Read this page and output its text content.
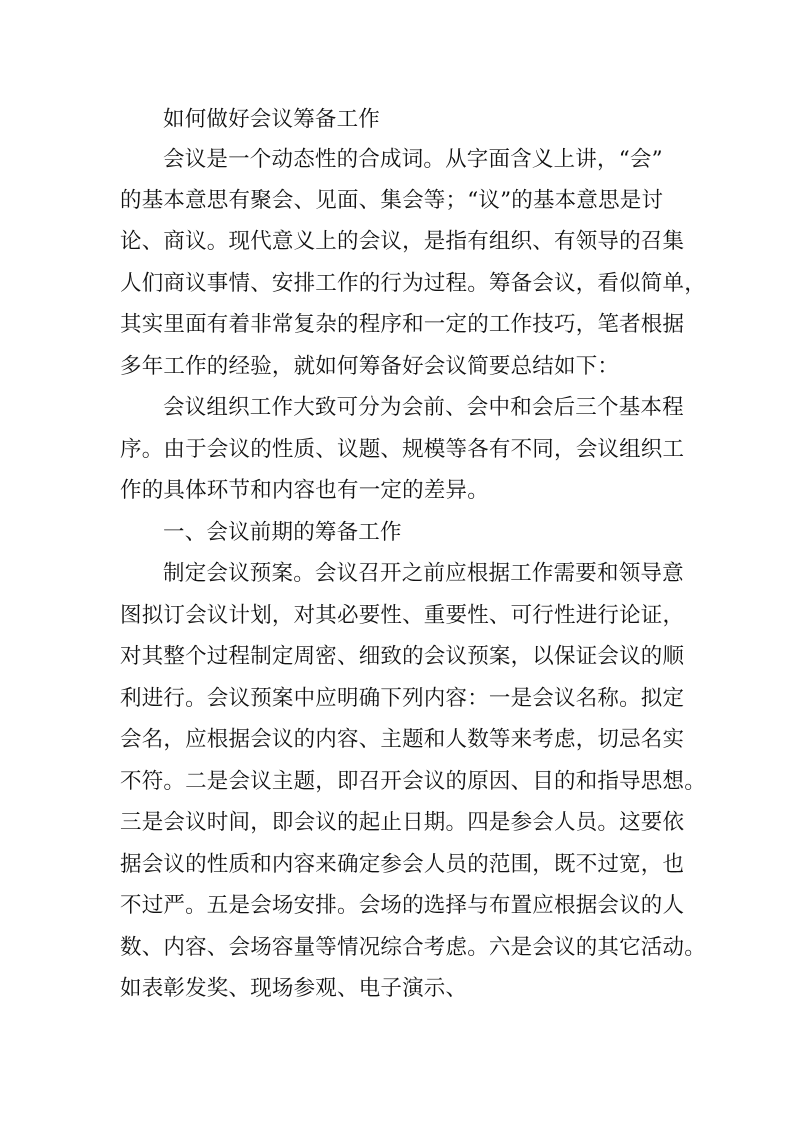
如何做好会议筹备工作
会议是一个动态性的合成词。从字面含义上讲，“会”
的基本意思有聚会、见面、集会等；“议”的基本意思是讨
论、商议。现代意义上的会议，是指有组织、有领导的召集
人们商议事情、安排工作的行为过程。筹备会议，看似简单，
其实里面有着非常复杂的程序和一定的工作技巧，笔者根据
多年工作的经验，就如何筹备好会议简要总结如下：
会议组织工作大致可分为会前、会中和会后三个基本程
序。由于会议的性质、议题、规模等各有不同，会议组织工
作的具体环节和内容也有一定的差异。
一、会议前期的筹备工作
制定会议预案。会议召开之前应根据工作需要和领导意
图拟订会议计划，对其必要性、重要性、可行性进行论证，
对其整个过程制定周密、细致的会议预案，以保证会议的顺
利进行。会议预案中应明确下列内容：一是会议名称。拟定
会名，应根据会议的内容、主题和人数等来考虑，切忌名实
不符。二是会议主题，即召开会议的原因、目的和指导思想。
三是会议时间，即会议的起止日期。四是参会人员。这要依
据会议的性质和内容来确定参会人员的范围，既不过宽，也
不过严。五是会场安排。会场的选择与布置应根据会议的人
数、内容、会场容量等情况综合考虑。六是会议的其它活动。
如表彰发奖、现场参观、电子演示、
